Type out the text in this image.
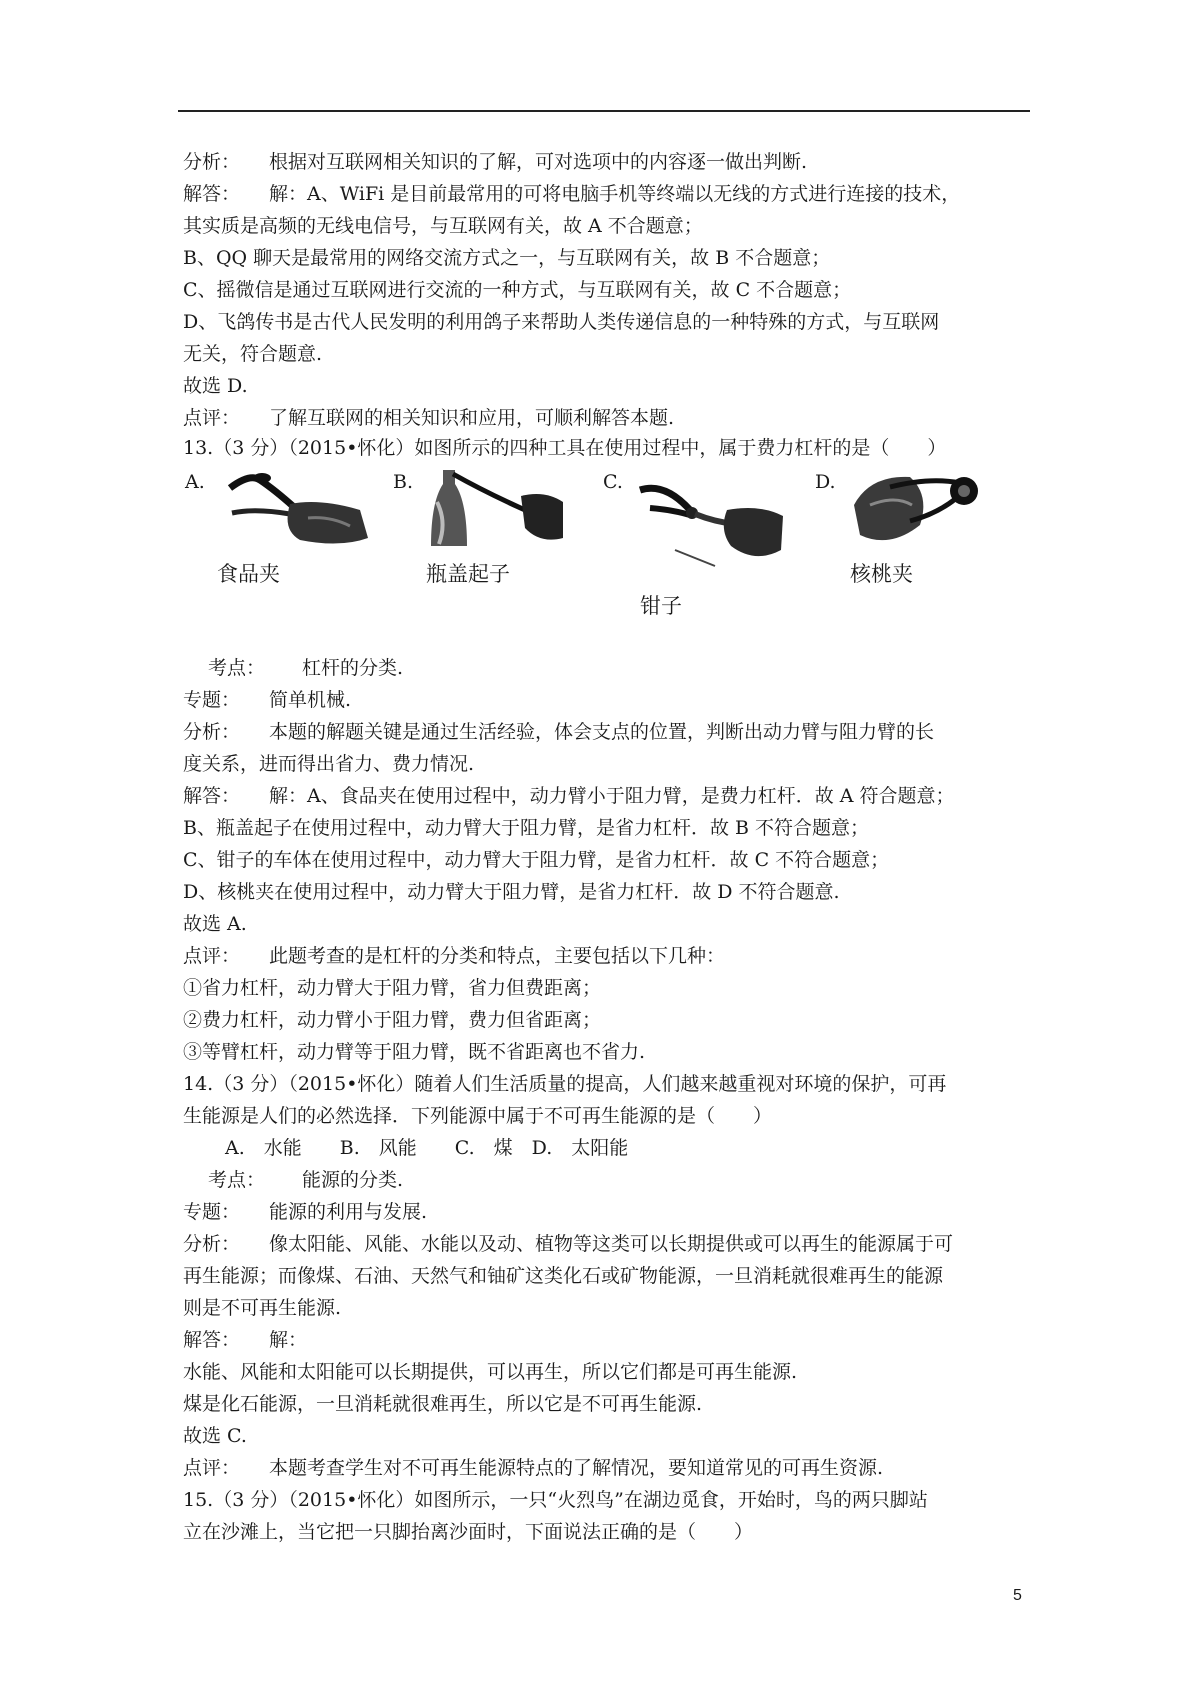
分析： 根据对互联网相关知识的了解，可对选项中的内容逐一做出判断.
解答： 解：A、WiFi 是目前最常用的可将电脑手机等终端以无线的方式进行连接的技术，
其实质是高频的无线电信号，与互联网有关，故 A 不合题意；
B、QQ 聊天是最常用的网络交流方式之一，与互联网有关，故 B 不合题意；
C、摇微信是通过互联网进行交流的一种方式，与互联网有关，故 C 不合题意；
D、飞鸽传书是古代人民发明的利用鸽子来帮助人类传递信息的一种特殊的方式，与互联网
无关，符合题意.
故选 D.
点评： 了解互联网的相关知识和应用，可顺利解答本题.
13.（3 分）（2015•怀化）如图所示的四种工具在使用过程中，属于费力杠杆的是（　　）
A.	B.	C.	D.
食品夹	瓶盖起子	核桃夹
钳子
考点： 杠杆的分类.
专题： 简单机械.
分析： 本题的解题关键是通过生活经验，体会支点的位置，判断出动力臂与阻力臂的长
度关系，进而得出省力、费力情况.
解答： 解：A、食品夹在使用过程中，动力臂小于阻力臂，是费力杠杆．故 A 符合题意；
B、瓶盖起子在使用过程中，动力臂大于阻力臂，是省力杠杆．故 B 不符合题意；
C、钳子的车体在使用过程中，动力臂大于阻力臂，是省力杠杆．故 C 不符合题意；
D、核桃夹在使用过程中，动力臂大于阻力臂，是省力杠杆．故 D 不符合题意.
故选 A.
点评： 此题考查的是杠杆的分类和特点，主要包括以下几种：
①省力杠杆，动力臂大于阻力臂，省力但费距离；
②费力杠杆，动力臂小于阻力臂，费力但省距离；
③等臂杠杆，动力臂等于阻力臂，既不省距离也不省力.
14.（3 分）（2015•怀化）随着人们生活质量的提高，人们越来越重视对环境的保护，可再
生能源是人们的必然选择．下列能源中属于不可再生能源的是（　　）
A.　水能　　B.　风能　　C.　煤　D.　太阳能
考点： 能源的分类.
专题： 能源的利用与发展.
分析： 像太阳能、风能、水能以及动、植物等这类可以长期提供或可以再生的能源属于可
再生能源；而像煤、石油、天然气和铀矿这类化石或矿物能源，一旦消耗就很难再生的能源
则是不可再生能源.
解答： 解：
水能、风能和太阳能可以长期提供，可以再生，所以它们都是可再生能源.
煤是化石能源，一旦消耗就很难再生，所以它是不可再生能源.
故选 C.
点评： 本题考查学生对不可再生能源特点的了解情况，要知道常见的可再生资源.
15.（3 分）（2015•怀化）如图所示，一只“火烈鸟”在湖边觅食，开始时，鸟的两只脚站
立在沙滩上，当它把一只脚抬离沙面时，下面说法正确的是（　　）
5
